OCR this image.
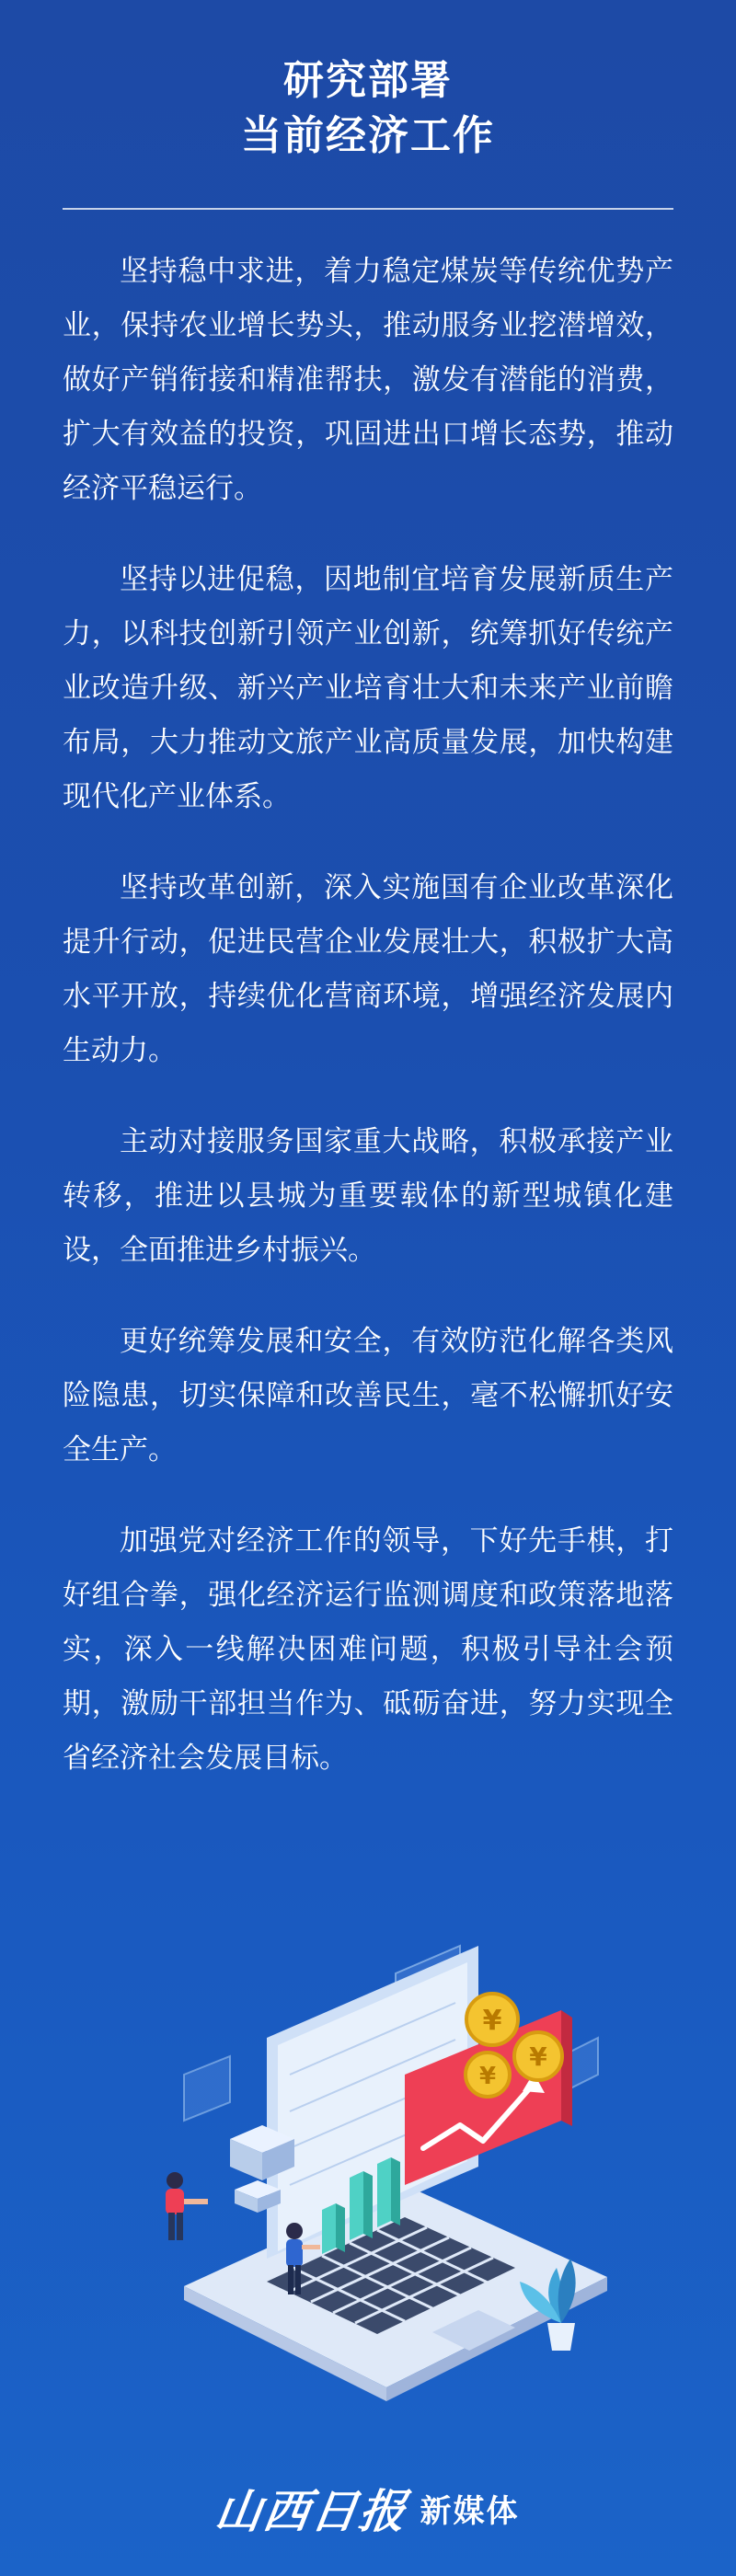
研究部署
当前经济工作

坚持稳中求进，着力稳定煤炭等传统优势产业，保持农业增长势头，推动服务业挖潜增效，做好产销衔接和精准帮扶，激发有潜能的消费，扩大有效益的投资，巩固进出口增长态势，推动经济平稳运行。

坚持以进促稳，因地制宜培育发展新质生产力，以科技创新引领产业创新，统筹抓好传统产业改造升级、新兴产业培育壮大和未来产业前瞻布局，大力推动文旅产业高质量发展，加快构建现代化产业体系。

坚持改革创新，深入实施国有企业改革深化提升行动，促进民营企业发展壮大，积极扩大高水平开放，持续优化营商环境，增强经济发展内生动力。

主动对接服务国家重大战略，积极承接产业转移，推进以县城为重要载体的新型城镇化建设，全面推进乡村振兴。

更好统筹发展和安全，有效防范化解各类风险隐患，切实保障和改善民生，毫不松懈抓好安全生产。

加强党对经济工作的领导，下好先手棋，打好组合拳，强化经济运行监测调度和政策落地落实，深入一线解决困难问题，积极引导社会预期，激励干部担当作为、砥砺奋进，努力实现全省经济社会发展目标。

¥
¥
¥
山西日报 新媒体
